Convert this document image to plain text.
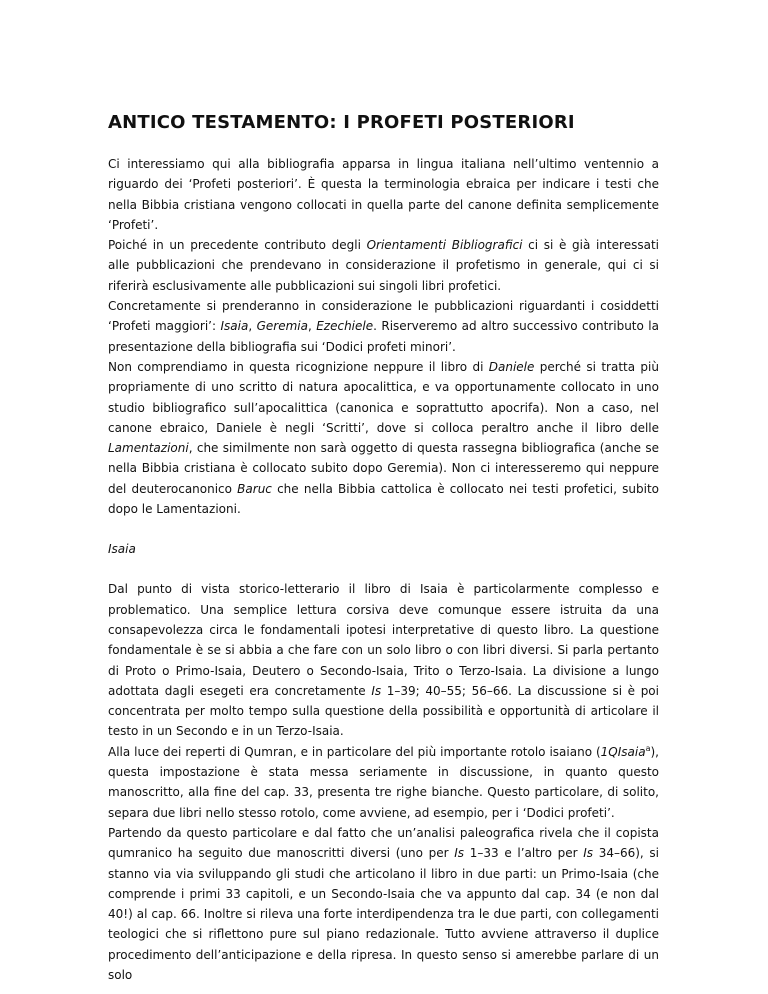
ANTICO TESTAMENTO: I PROFETI POSTERIORI

Ci interessiamo qui alla bibliografia apparsa in lingua italiana nell’ultimo ventennio a riguardo dei ‘Profeti posteriori’. È questa la terminologia ebraica per indicare i testi che nella Bibbia cristiana vengono collocati in quella parte del canone definita semplicemente ‘Profeti’.

Poiché in un precedente contributo degli Orientamenti Bibliografici ci si è già interessati alle pubblicazioni che prendevano in considerazione il profetismo in generale, qui ci si riferirà esclusivamente alle pubblicazioni sui singoli libri profetici.

Concretamente si prenderanno in considerazione le pubblicazioni riguardanti i cosiddetti ‘Profeti maggiori’: Isaia, Geremia, Ezechiele. Riserveremo ad altro successivo contributo la presentazione della bibliografia sui ‘Dodici profeti minori’.

Non comprendiamo in questa ricognizione neppure il libro di Daniele perché si tratta più propriamente di uno scritto di natura apocalittica, e va opportunamente collocato in uno studio bibliografico sull’apocalittica (canonica e soprattutto apocrifa). Non a caso, nel canone ebraico, Daniele è negli ‘Scritti’, dove si colloca peraltro anche il libro delle Lamentazioni, che similmente non sarà oggetto di questa rassegna bibliografica (anche se nella Bibbia cristiana è collocato subito dopo Geremia). Non ci interesseremo qui neppure del deuterocanonico Baruc che nella Bibbia cattolica è collocato nei testi profetici, subito dopo le Lamentazioni.

Isaia

Dal punto di vista storico-letterario il libro di Isaia è particolarmente complesso e problematico. Una semplice lettura corsiva deve comunque essere istruita da una consapevolezza circa le fondamentali ipotesi interpretative di questo libro. La questione fondamentale è se si abbia a che fare con un solo libro o con libri diversi. Si parla pertanto di Proto o Primo-Isaia, Deutero o Secondo-Isaia, Trito o Terzo-Isaia. La divisione a lungo adottata dagli esegeti era concretamente Is 1–39; 40–55; 56–66. La discussione si è poi concentrata per molto tempo sulla questione della possibilità e opportunità di articolare il testo in un Secondo e in un Terzo-Isaia.

Alla luce dei reperti di Qumran, e in particolare del più importante rotolo isaiano (1QIsaia$^a$), questa impostazione è stata messa seriamente in discussione, in quanto questo manoscritto, alla fine del cap. 33, presenta tre righe bianche. Questo particolare, di solito, separa due libri nello stesso rotolo, come avviene, ad esempio, per i ‘Dodici profeti’.

Partendo da questo particolare e dal fatto che un’analisi paleografica rivela che il copista qumranico ha seguito due manoscritti diversi (uno per Is 1–33 e l’altro per Is 34–66), si stanno via via sviluppando gli studi che articolano il libro in due parti: un Primo-Isaia (che comprende i primi 33 capitoli, e un Secondo-Isaia che va appunto dal cap. 34 (e non dal 40!) al cap. 66. Inoltre si rileva una forte interdipendenza tra le due parti, con collegamenti teologici che si riflettono pure sul piano redazionale. Tutto avviene attraverso il duplice procedimento dell’anticipazione e della ripresa. In questo senso si amerebbe parlare di un solo
